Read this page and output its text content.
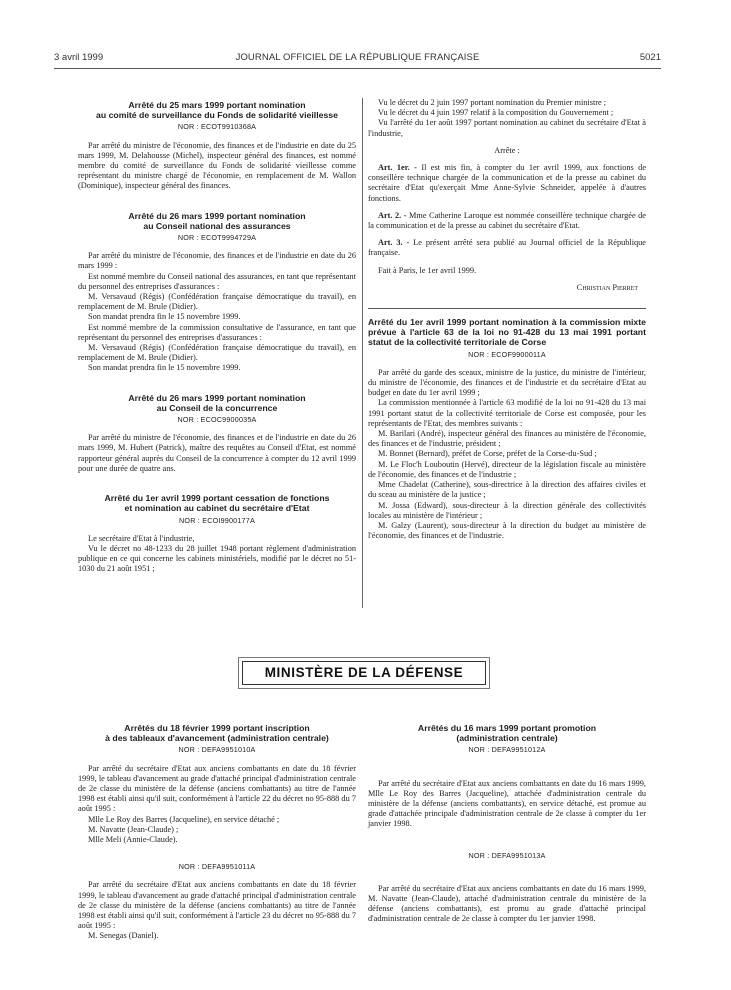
3 avril 1999	JOURNAL OFFICIEL DE LA RÉPUBLIQUE FRANÇAISE	5021
Arrêté du 25 mars 1999 portant nomination
au comité de surveillance du Fonds de solidarité vieillesse
NOR : ECOT9910368A

Par arrêté du ministre de l'économie, des finances et de l'industrie en date du 25 mars 1999, M. Delahousse (Michel), inspecteur général des finances, est nommé membre du comité de surveillance du Fonds de solidarité vieillesse comme représentant du ministre chargé de l'économie, en remplacement de M. Wallon (Dominique), inspecteur général des finances.

Arrêté du 26 mars 1999 portant nomination
au Conseil national des assurances
NOR : ECOT9994729A

Par arrêté du ministre de l'économie, des finances et de l'industrie en date du 26 mars 1999 :

Est nommé membre du Conseil national des assurances, en tant que représentant du personnel des entreprises d'assurances :

M. Versavaud (Régis) (Confédération française démocratique du travail), en remplacement de M. Brule (Didier).

Son mandat prendra fin le 15 novembre 1999.

Est nommé membre de la commission consultative de l'assurance, en tant que représentant du personnel des entreprises d'assurances :

M. Versavaud (Régis) (Confédération française démocratique du travail), en remplacement de M. Brule (Didier).

Son mandat prendra fin le 15 novembre 1999.

Arrêté du 26 mars 1999 portant nomination
au Conseil de la concurrence
NOR : ECOC9900035A

Par arrêté du ministre de l'économie, des finances et de l'industrie en date du 26 mars 1999, M. Hubert (Patrick), maître des requêtes au Conseil d'Etat, est nommé rapporteur général auprès du Conseil de la concurrence à compter du 12 avril 1999 pour une durée de quatre ans.

Arrêté du 1er avril 1999 portant cessation de fonctions
et nomination au cabinet du secrétaire d'Etat
NOR : ECOI9900177A

Le secrétaire d'Etat à l'industrie,

Vu le décret no 48-1233 du 28 juillet 1948 portant règlement d'administration publique en ce qui concerne les cabinets ministériels, modifié par le décret no 51-1030 du 21 août 1951 ;

Vu le décret du 2 juin 1997 portant nomination du Premier ministre ;

Vu le décret du 4 juin 1997 relatif à la composition du Gouvernement ;

Vu l'arrêté du 1er août 1997 portant nomination au cabinet du secrétaire d'Etat à l'industrie,

Arrête :

Art. 1er. - Il est mis fin, à compter du 1er avril 1999, aux fonctions de conseillère technique chargée de la communication et de la presse au cabinet du secrétaire d'Etat qu'exerçait Mme Anne-Sylvie Schneider, appelée à d'autres fonctions.

Art. 2. - Mme Catherine Laroque est nommée conseillère technique chargée de la communication et de la presse au cabinet du secrétaire d'Etat.

Art. 3. - Le présent arrêté sera publié au Journal officiel de la République française.

Fait à Paris, le 1er avril 1999.

Christian Pierret

Arrêté du 1er avril 1999 portant nomination à la commission mixte prévue à l'article 63 de la loi no 91-428 du 13 mai 1991 portant statut de la collectivité territoriale de Corse
NOR : ECOF9900011A

Par arrêté du garde des sceaux, ministre de la justice, du ministre de l'intérieur, du ministre de l'économie, des finances et de l'industrie et du secrétaire d'Etat au budget en date du 1er avril 1999 ;

La commission mentionnée à l'article 63 modifié de la loi no 91-428 du 13 mai 1991 portant statut de la collectivité territoriale de Corse est composée, pour les représentants de l'Etat, des membres suivants :

M. Barilari (André), inspecteur général des finances au ministère de l'économie, des finances et de l'industrie, président ;

M. Bonnet (Bernard), préfet de Corse, préfet de la Corse-du-Sud ;

M. Le Floc'h Louboutin (Hervé), directeur de la législation fiscale au ministère de l'économie, des finances et de l'industrie ;

Mme Chadelat (Catherine), sous-directrice à la direction des affaires civiles et du sceau au ministère de la justice ;

M. Jossa (Edward), sous-directeur à la direction générale des collectivités locales au ministère de l'intérieur ;

M. Galzy (Laurent), sous-directeur à la direction du budget au ministère de l'économie, des finances et de l'industrie.

MINISTÈRE DE LA DÉFENSE
Arrêtés du 18 février 1999 portant inscription
à des tableaux d'avancement (administration centrale)
NOR : DEFA9951010A

Par arrêté du secrétaire d'Etat aux anciens combattants en date du 18 février 1999, le tableau d'avancement au grade d'attaché principal d'administration centrale de 2e classe du ministère de la défense (anciens combattants) au titre de l'année 1998 est établi ainsi qu'il suit, conformément à l'article 22 du décret no 95-888 du 7 août 1995 :

Mlle Le Roy des Barres (Jacqueline), en service détaché ;

M. Navatte (Jean-Claude) ;

Mlle Meli (Annie-Claude).

NOR : DEFA9951011A

Par arrêté du secrétaire d'Etat aux anciens combattants en date du 18 février 1999, le tableau d'avancement au grade d'attaché principal d'administration centrale de 2e classe du ministère de la défense (anciens combattants) au titre de l'année 1998 est établi ainsi qu'il suit, conformément à l'article 23 du décret no 95-888 du 7 août 1995 :

M. Senegas (Daniel).

Arrêtés du 16 mars 1999 portant promotion
(administration centrale)
NOR : DEFA9951012A

Par arrêté du secrétaire d'Etat aux anciens combattants en date du 16 mars 1999, Mlle Le Roy des Barres (Jacqueline), attachée d'administration centrale du ministère de la défense (anciens combattants), en service détaché, est promue au grade d'attachée principale d'administration centrale de 2e classe à compter du 1er janvier 1998.

NOR : DEFA9951013A

Par arrêté du secrétaire d'Etat aux anciens combattants en date du 16 mars 1999, M. Navatte (Jean-Claude), attaché d'administration centrale du ministère de la défense (anciens combattants), est promu au grade d'attaché principal d'administration centrale de 2e classe à compter du 1er janvier 1998.
